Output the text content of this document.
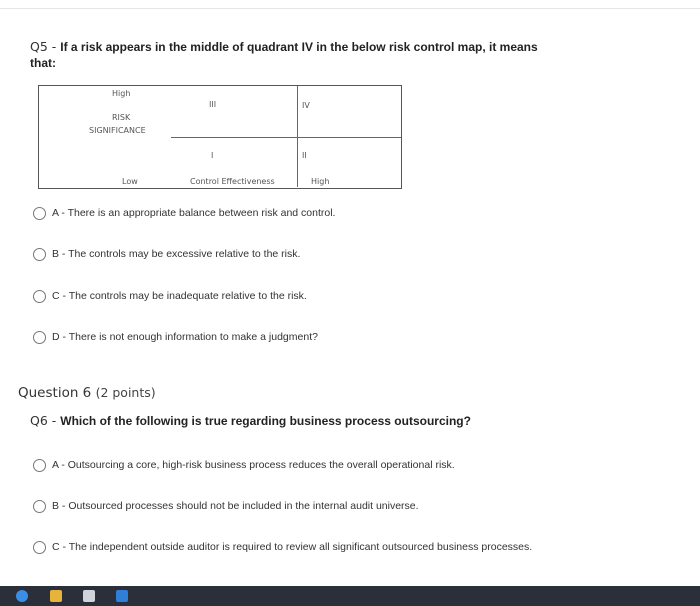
Q5 - If a risk appears in the middle of quadrant IV in the below risk control map, it means
that:
High
RISK
SIGNIFICANCE
III	IV
I	II
Low	Control Effectiveness	High
A - There is an appropriate balance between risk and control.
B - The controls may be excessive relative to the risk.
C - The controls may be inadequate relative to the risk.
D - There is not enough information to make a judgment?
Question 6 (2 points)
Q6 - Which of the following is true regarding business process outsourcing?
A - Outsourcing a core, high-risk business process reduces the overall operational risk.
B - Outsourced processes should not be included in the internal audit universe.
C - The independent outside auditor is required to review all significant outsourced business processes.
